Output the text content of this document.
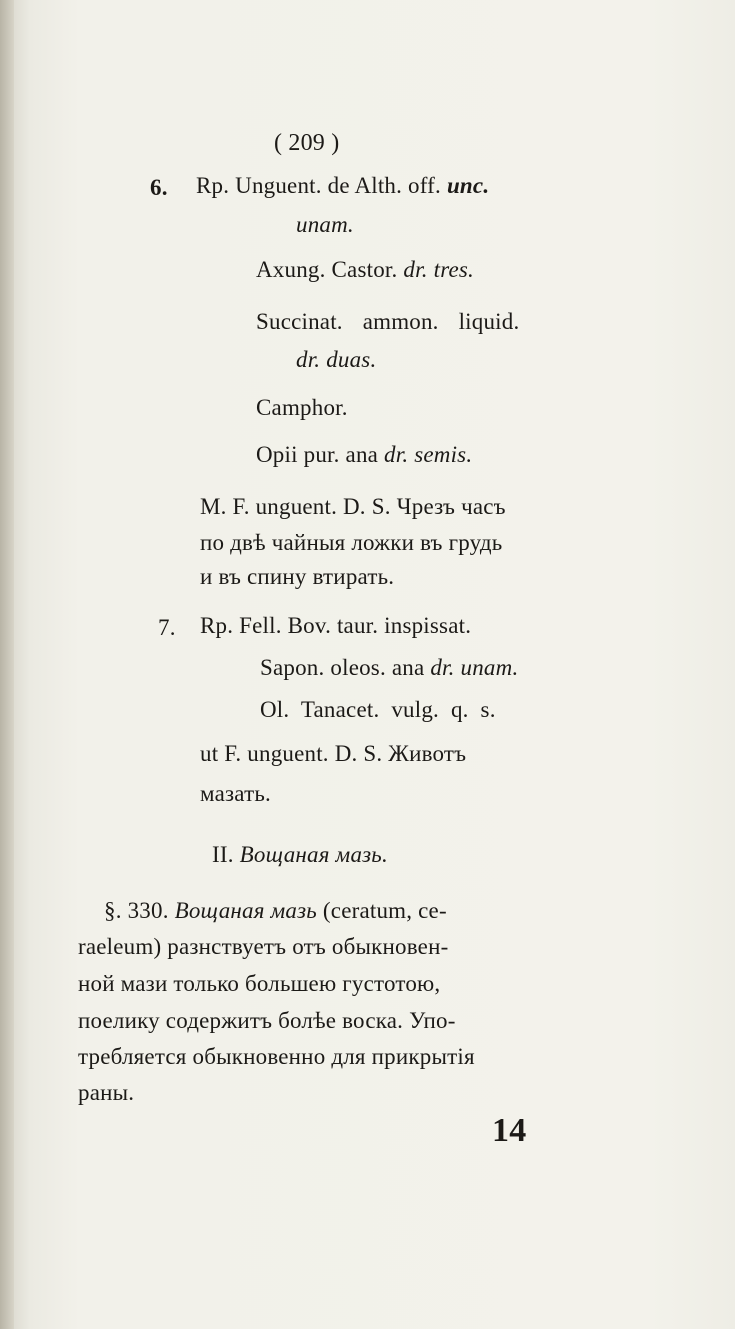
( 209 )
6. Rp. Unguent. de Alth. off. unc.
unam.
Axung. Castor. dr. tres.
Succinat. ammon. liquid.
dr. duas.
Camphor.
Opii pur. ana dr. semis.
M. F. unguent. D. S. Чрезъ часъ
по двѣ чайныя ложки въ грудь
и въ спину втирать.
7. Rp. Fell. Bov. taur. inspissat.
Sapon. oleos. ana dr. unam.
Ol. Tanacet. vulg. q. s.
ut F. unguent. D. S. Животъ
мазать.
II. Вощаная мазь.
§. 330. Вощаная мазь (ceratum, ce-
raeleum) разнствуетъ отъ обыкновен-
ной мази только большею густотою,
поелику содержитъ болѣе воска. Упо-
требляется обыкновенно для прикрытія
раны.
14
